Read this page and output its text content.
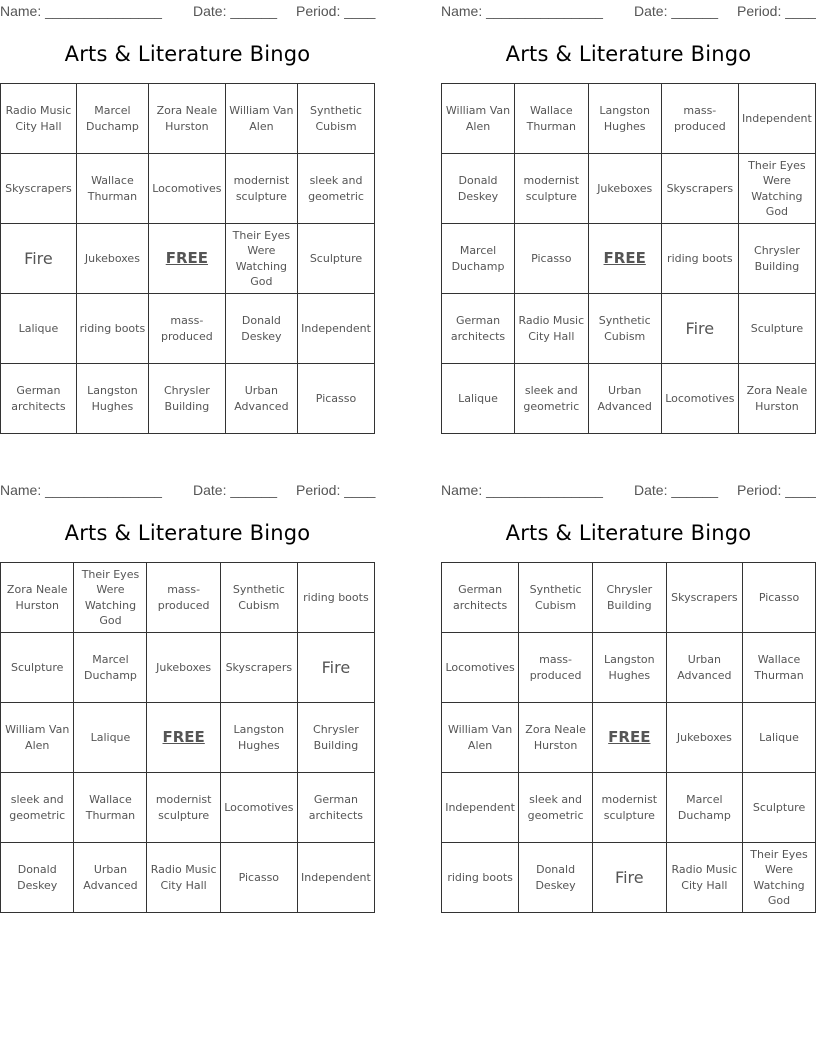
Name: _______________ Date: ______ Period: ____
Arts & Literature Bingo
Radio Music City Hall	Marcel Duchamp	Zora Neale Hurston	William Van Alen	Synthetic Cubism
Skyscrapers	Wallace Thurman	Locomotives	modernist sculpture	sleek and geometric
Fire	Jukeboxes	FREE	Their Eyes Were Watching God	Sculpture
Lalique	riding boots	mass-produced	Donald Deskey	Independent
German architects	Langston Hughes	Chrysler Building	Urban Advanced	Picasso
Name: _______________ Date: ______ Period: ____
Arts & Literature Bingo
William Van Alen	Wallace Thurman	Langston Hughes	mass-produced	Independent
Donald Deskey	modernist sculpture	Jukeboxes	Skyscrapers	Their Eyes Were Watching God
Marcel Duchamp	Picasso	FREE	riding boots	Chrysler Building
German architects	Radio Music City Hall	Synthetic Cubism	Fire	Sculpture
Lalique	sleek and geometric	Urban Advanced	Locomotives	Zora Neale Hurston
Name: _______________ Date: ______ Period: ____
Arts & Literature Bingo
Zora Neale Hurston	Their Eyes Were Watching God	mass-produced	Synthetic Cubism	riding boots
Sculpture	Marcel Duchamp	Jukeboxes	Skyscrapers	Fire
William Van Alen	Lalique	FREE	Langston Hughes	Chrysler Building
sleek and geometric	Wallace Thurman	modernist sculpture	Locomotives	German architects
Donald Deskey	Urban Advanced	Radio Music City Hall	Picasso	Independent
Name: _______________ Date: ______ Period: ____
Arts & Literature Bingo
German architects	Synthetic Cubism	Chrysler Building	Skyscrapers	Picasso
Locomotives	mass-produced	Langston Hughes	Urban Advanced	Wallace Thurman
William Van Alen	Zora Neale Hurston	FREE	Jukeboxes	Lalique
Independent	sleek and geometric	modernist sculpture	Marcel Duchamp	Sculpture
riding boots	Donald Deskey	Fire	Radio Music City Hall	Their Eyes Were Watching God
